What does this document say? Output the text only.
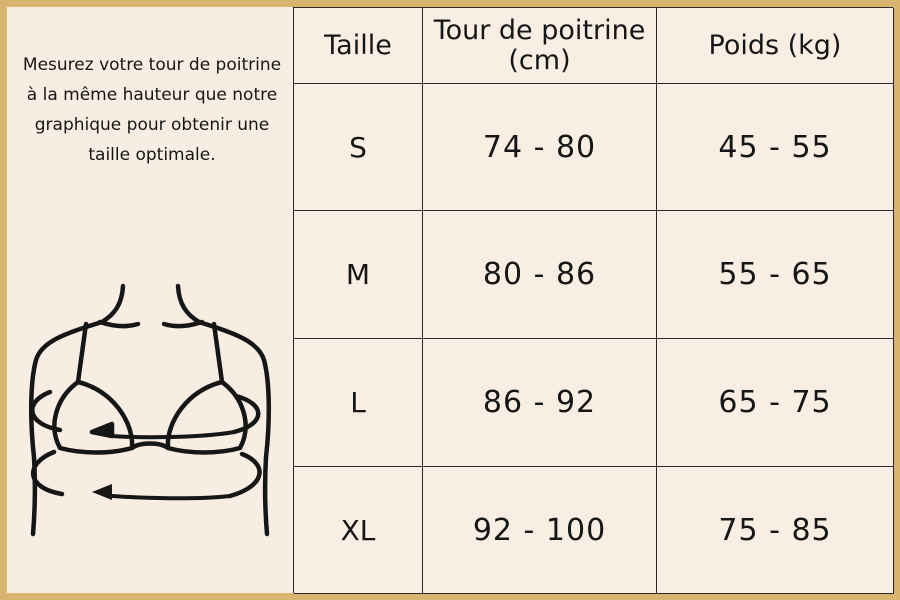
Mesurez votre tour de poitrine à la même hauteur que notre graphique pour obtenir une taille optimale.

Taille	Tour de poitrine (cm)	Poids (kg)
S	74 - 80	45 - 55
M	80 - 86	55 - 65
L	86 - 92	65 - 75
XL	92 - 100	75 - 85
